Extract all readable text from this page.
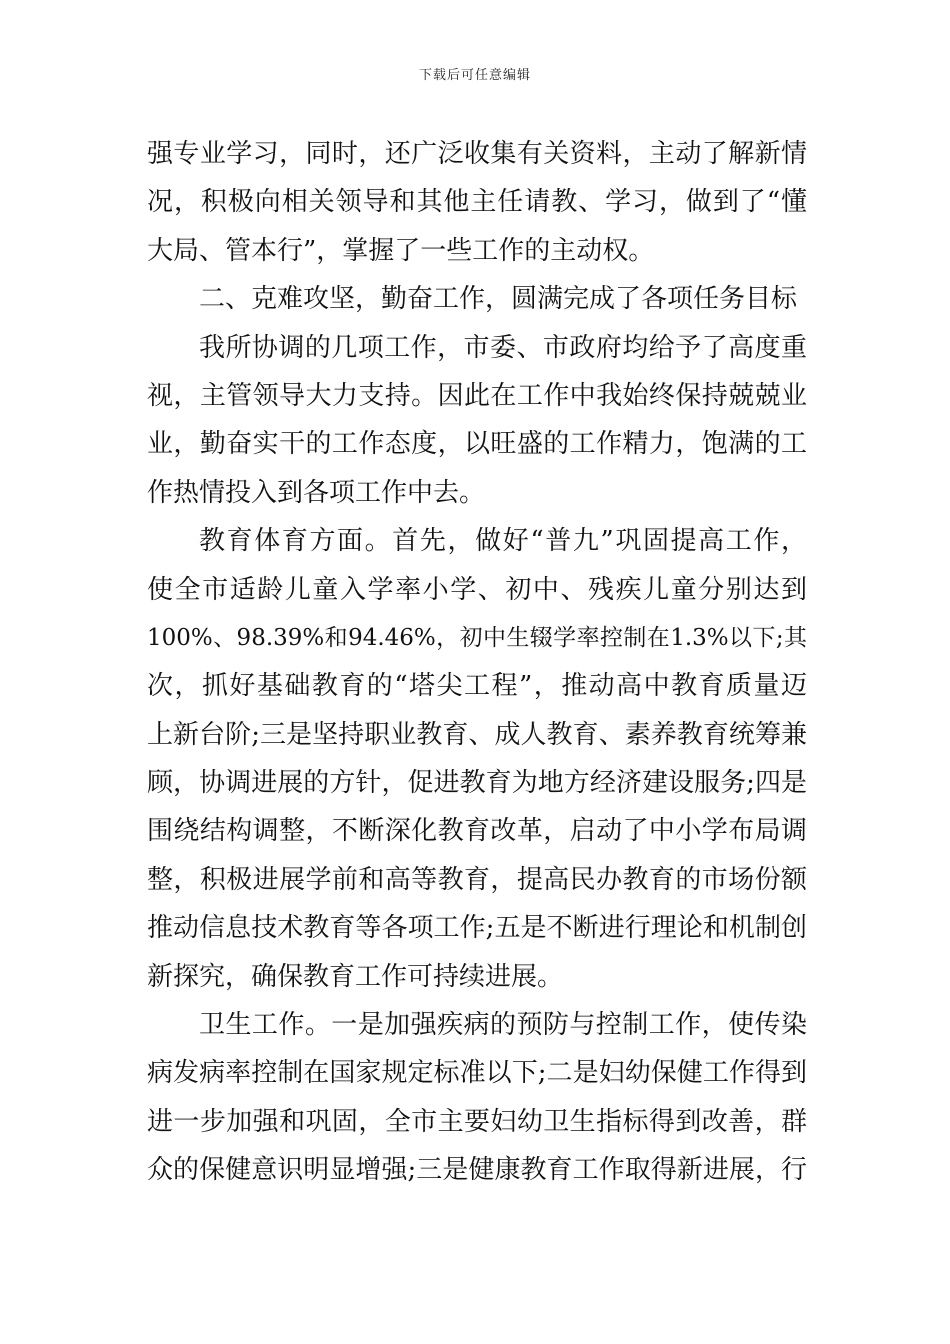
下载后可任意编辑
强专业学习，同时，还广泛收集有关资料，主动了解新情
况，积极向相关领导和其他主任请教、学习，做到了“懂
大局、管本行”，掌握了一些工作的主动权。
二、克难攻坚，勤奋工作，圆满完成了各项任务目标
我所协调的几项工作，市委、市政府均给予了高度重
视，主管领导大力支持。因此在工作中我始终保持兢兢业
业，勤奋实干的工作态度，以旺盛的工作精力，饱满的工
作热情投入到各项工作中去。
教育体育方面。首先，做好“普九”巩固提高工作，
使全市适龄儿童入学率小学、初中、残疾儿童分别达到
100%、98.39%和94.46%，初中生辍学率控制在1.3%以下;其
次，抓好基础教育的“塔尖工程”，推动高中教育质量迈
上新台阶;三是坚持职业教育、成人教育、素养教育统筹兼
顾，协调进展的方针，促进教育为地方经济建设服务;四是
围绕结构调整，不断深化教育改革，启动了中小学布局调
整，积极进展学前和高等教育，提高民办教育的市场份额
推动信息技术教育等各项工作;五是不断进行理论和机制创
新探究，确保教育工作可持续进展。
卫生工作。一是加强疾病的预防与控制工作，使传染
病发病率控制在国家规定标准以下;二是妇幼保健工作得到
进一步加强和巩固，全市主要妇幼卫生指标得到改善，群
众的保健意识明显增强;三是健康教育工作取得新进展，行
